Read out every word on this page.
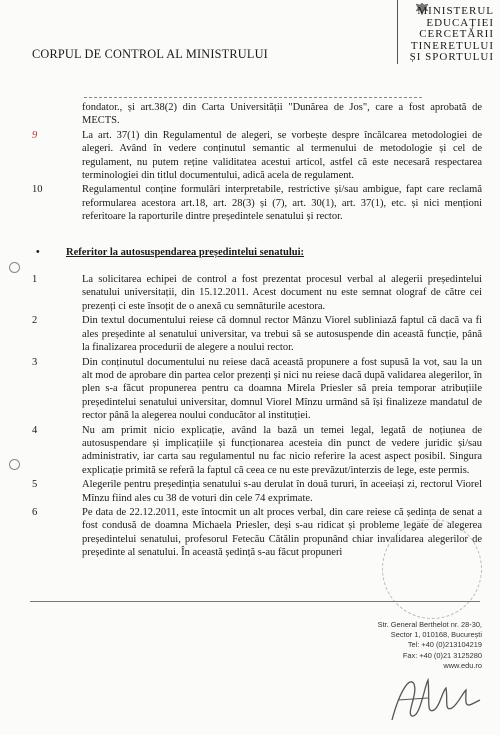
CORPUL DE CONTROL AL MINISTRULUI
MINISTERUL
EDUCAȚIEI
CERCETĂRII
TINERETULUI
ȘI SPORTULUI
fondator., și art.38(2) din Carta Universității "Dunărea de Jos", care a fost aprobată de MECTS.
9	La art. 37(1) din Regulamentul de alegeri, se vorbește despre încălcarea metodologiei de alegeri. Având în vedere conținutul semantic al termenului de metodologie și cel de regulament, nu putem reține validitatea acestui articol, astfel că este necesară respectarea terminologiei din titlul documentului, adică acela de regulament.
10	Regulamentul conține formulări interpretabile, restrictive și/sau ambigue, fapt care reclamă reformularea acestora art.18, art. 28(3) și (7), art. 30(1), art. 37(1), etc. și nici menționi referitoare la raporturile dintre președintele senatului și rector.
•	Referitor la autosuspendarea președintelui senatului:
1	La solicitarea echipei de control a fost prezentat procesul verbal al alegerii președintelui senatului universitații, din 15.12.2011. Acest document nu este semnat olograf de către cei prezenți ci este însoțit de o anexă cu semnăturile acestora.
2	Din textul documentului reiese că domnul rector Mânzu Viorel subliniază faptul că dacă va fi ales președinte al senatului universitar, va trebui să se autosuspende din această funcție, până la finalizarea procedurii de alegere a noului rector.
3	Din conținutul documentului nu reiese dacă această propunere a fost supusă la vot, sau la un alt mod de aprobare din partea celor prezenți și nici nu reiese dacă după validarea alegerilor, în plen s-a făcut propunerea pentru ca doamna Mirela Priesler să preia temporar atribuțiile președintelui senatului universitar, domnul Viorel Mînzu urmând să își finalizeze mandatul de rector până la alegerea noului conducător al instituției.
4	Nu am primit nicio explicație, având la bază un temei legal, legată de noțiunea de autosuspendare și implicațiile și funcționarea acesteia din punct de vedere juridic și/sau administrativ, iar carta sau regulamentul nu fac nicio referire la acest aspect posibil. Singura explicație primită se referă la faptul că ceea ce nu este prevăzut/interzis de lege, este permis.
5	Alegerile pentru președinția senatului s-au derulat în două tururi, în aceeiași zi, rectorul Viorel Mînzu fiind ales cu 38 de voturi din cele 74 exprimate.
6	Pe data de 22.12.2011, este întocmit un alt proces verbal, din care reiese că ședința de senat a fost condusă de doamna Michaela Priesler, deși s-au ridicat și probleme legate de alegerea președintelui senatului, profesorul Fetecău Cătălin propunând chiar invalidarea alegerilor de președinte al senatului. În această ședință s-au făcut propuneri
Str. General Berthelot nr. 28-30,
Sector 1, 010168, București
Tel: +40 (0)213104219
Fax: +40 (0)21 3125280
www.edu.ro
